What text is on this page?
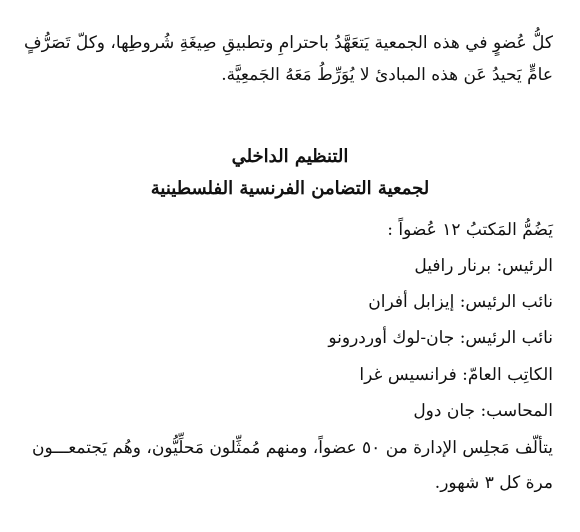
كلُّ عُضوٍ في هذه الجمعية يَتعَهَّدُ باحترامِ وتطبيقِ صِيغَةِ شُروطِها، وكلّ تَصَرُّفٍ
عامٍّ يَحيدُ عَن هذه المبادئ لا يُوَرِّطُ مَعَهُ الجَمعِيَّة.
التنظيم الداخلي
لجمعية التضامن الفرنسية الفلسطينية
يَضُمُّ المَكتبُ ١٢ عُضواً :
الرئيس: برنار رافيل
نائب الرئيس: إيزابل أفران
نائب الرئيس: جان-لوك أوردرونو
الكاتِب العامّ: فرانسيس غرا
المحاسب: جان دول
يتألّف مَجلِس الإدارة من ٥٠ عضواً، ومنهم مُمثِّلون مَحلِّيُّون، وهُم يَجتمعـــون
مرة كل ٣ شهور.
